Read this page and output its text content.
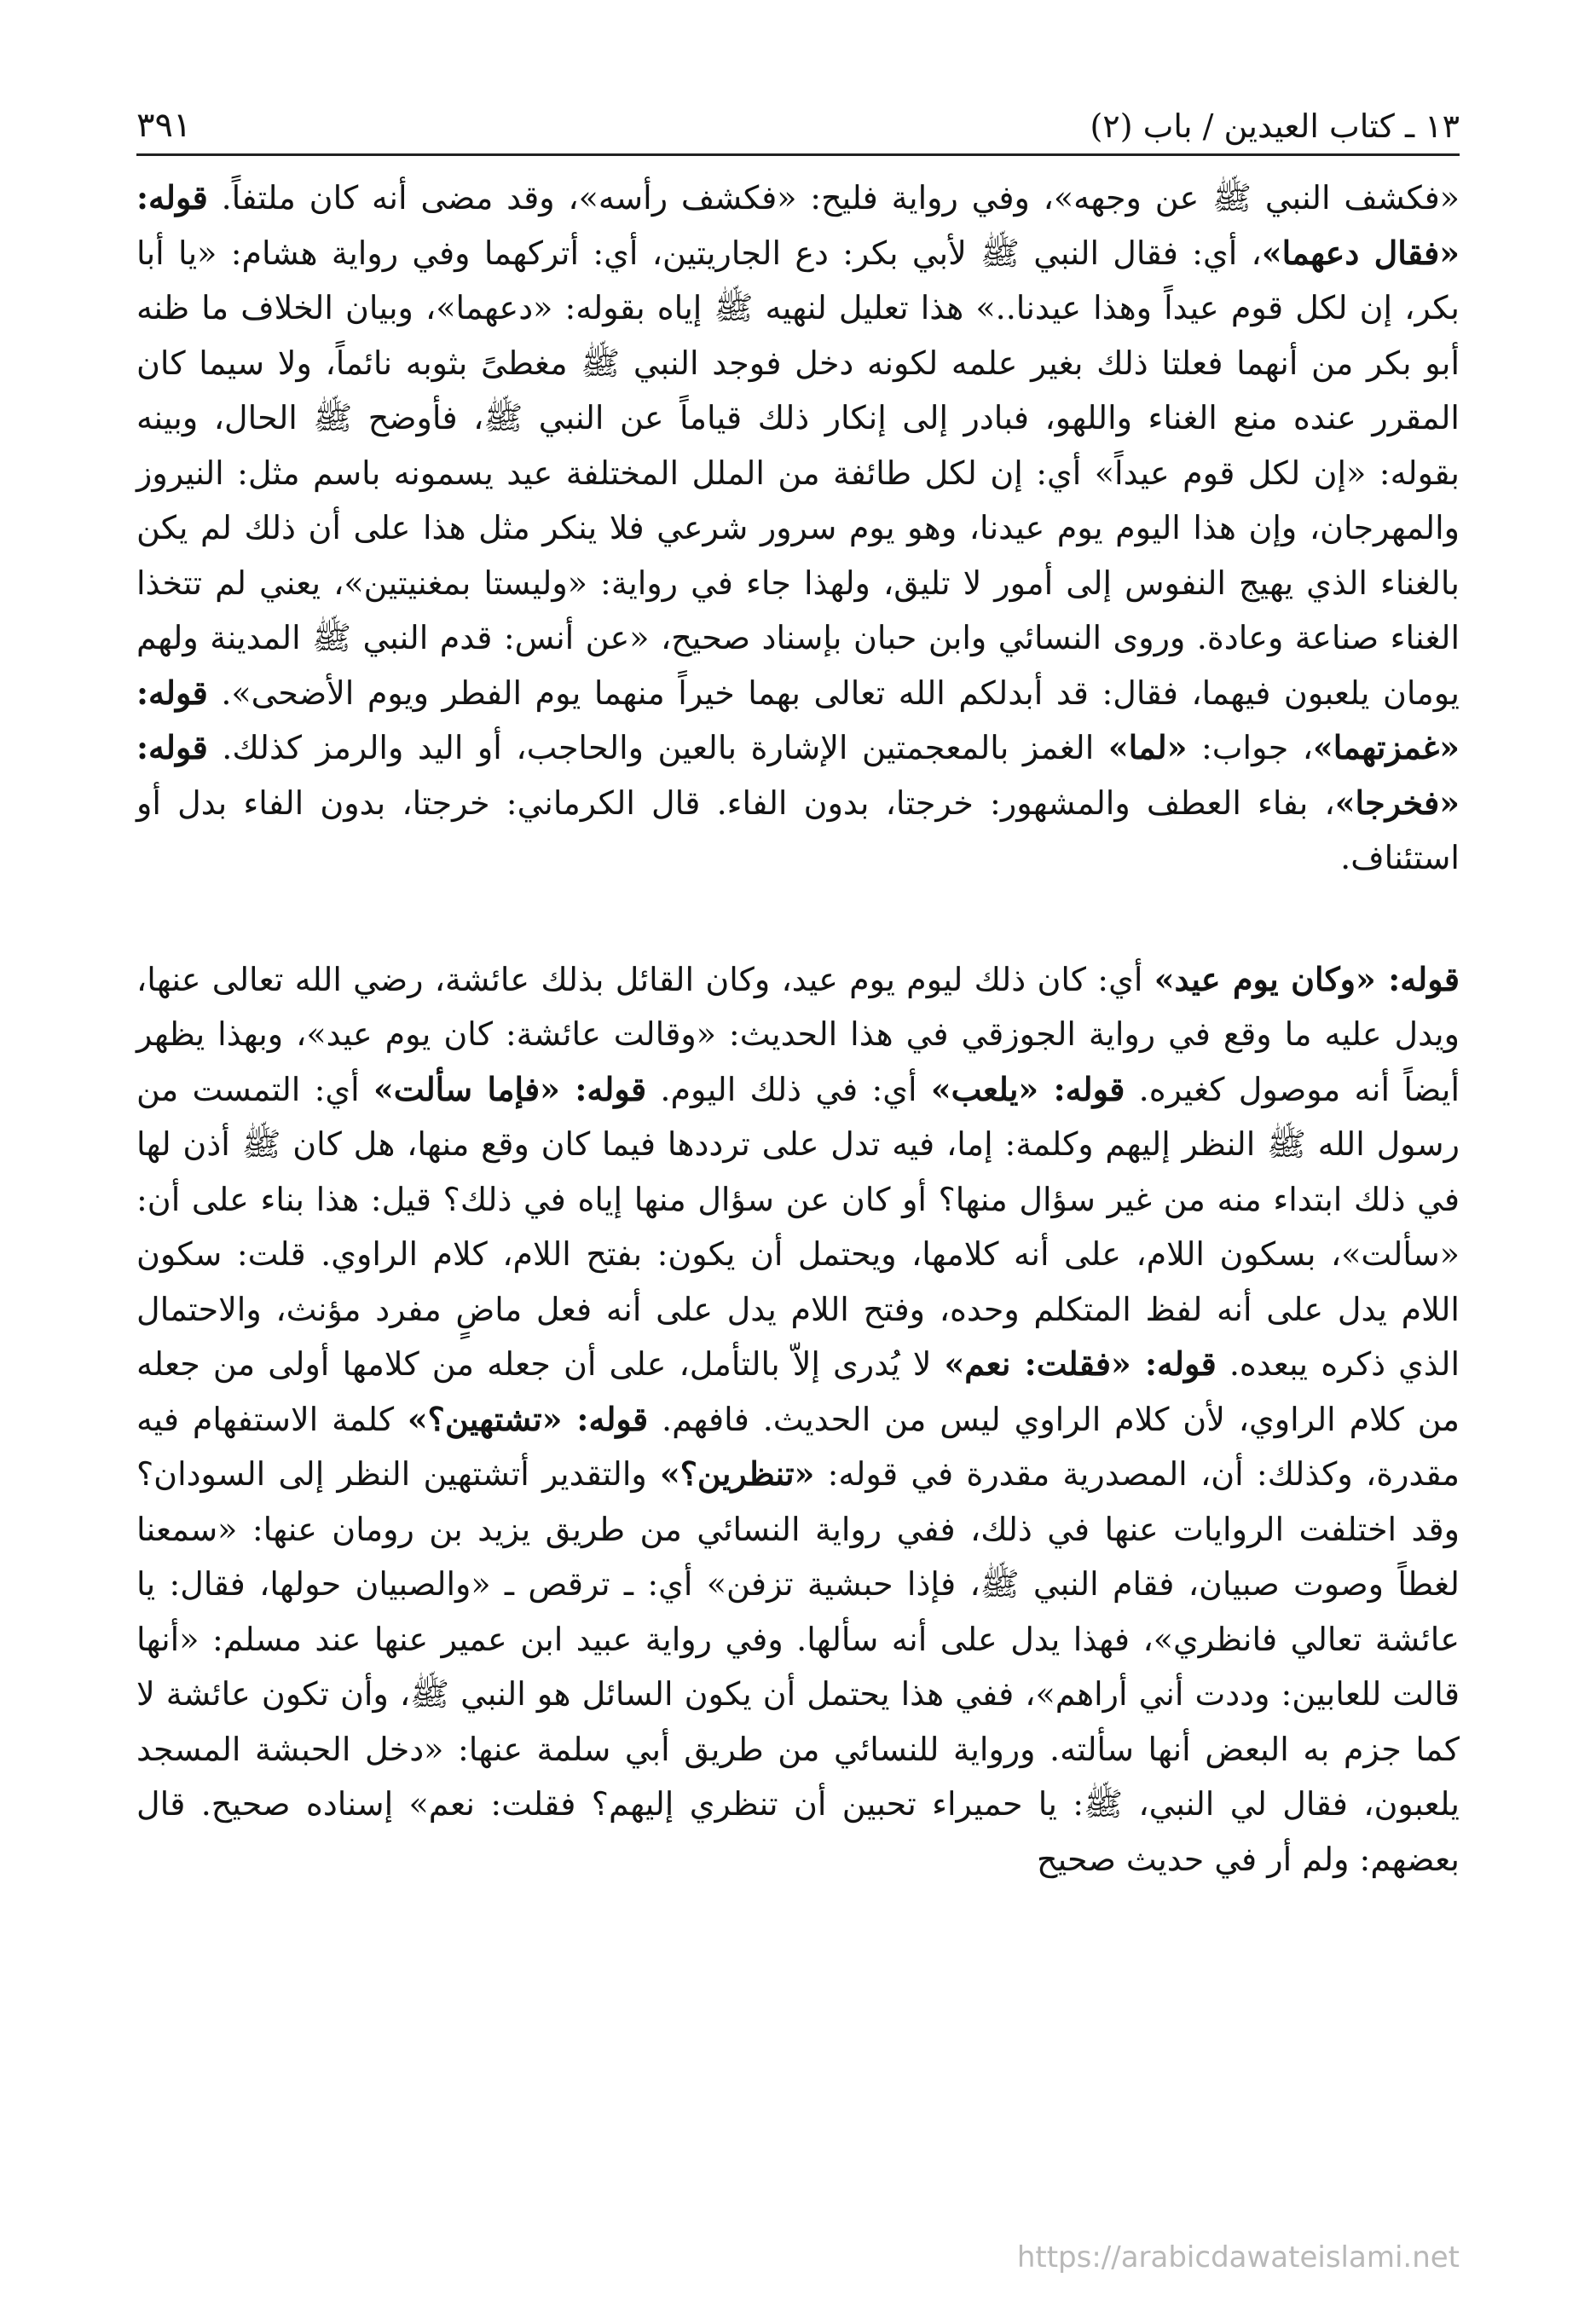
١٣ ـ كتاب العيدين / باب (٢)
٣٩١

«فكشف النبي ﷺ عن وجهه»، وفي رواية فليح: «فكشف رأسه»، وقد مضى أنه كان ملتفاً. قوله: «فقال دعهما»، أي: فقال النبي ﷺ لأبي بكر: دع الجاريتين، أي: أتركهما وفي رواية هشام: «يا أبا بكر، إن لكل قوم عيداً وهذا عيدنا..» هذا تعليل لنهيه ﷺ إياه بقوله: «دعهما»، وبيان الخلاف ما ظنه أبو بكر من أنهما فعلتا ذلك بغير علمه لكونه دخل فوجد النبي ﷺ مغطىً بثوبه نائماً، ولا سيما كان المقرر عنده منع الغناء واللهو، فبادر إلى إنكار ذلك قياماً عن النبي ﷺ، فأوضح ﷺ الحال، وبينه بقوله: «إن لكل قوم عيداً» أي: إن لكل طائفة من الملل المختلفة عيد يسمونه باسم مثل: النيروز والمهرجان، وإن هذا اليوم يوم عيدنا، وهو يوم سرور شرعي فلا ينكر مثل هذا على أن ذلك لم يكن بالغناء الذي يهيج النفوس إلى أمور لا تليق، ولهذا جاء في رواية: «وليستا بمغنيتين»، يعني لم تتخذا الغناء صناعة وعادة. وروى النسائي وابن حبان بإسناد صحيح، «عن أنس: قدم النبي ﷺ المدينة ولهم يومان يلعبون فيهما، فقال: قد أبدلكم الله تعالى بهما خيراً منهما يوم الفطر ويوم الأضحى». قوله: «غمزتهما»، جواب: «لما» الغمز بالمعجمتين الإشارة بالعين والحاجب، أو اليد والرمز كذلك. قوله: «فخرجا»، بفاء العطف والمشهور: خرجتا، بدون الفاء. قال الكرماني: خرجتا، بدون الفاء بدل أو استئناف.

قوله: «وكان يوم عيد» أي: كان ذلك ليوم يوم عيد، وكان القائل بذلك عائشة، رضي الله تعالى عنها، ويدل عليه ما وقع في رواية الجوزقي في هذا الحديث: «وقالت عائشة: كان يوم عيد»، وبهذا يظهر أيضاً أنه موصول كغيره. قوله: «يلعب» أي: في ذلك اليوم. قوله: «فإما سألت» أي: التمست من رسول الله ﷺ النظر إليهم وكلمة: إما، فيه تدل على ترددها فيما كان وقع منها، هل كان ﷺ أذن لها في ذلك ابتداء منه من غير سؤال منها؟ أو كان عن سؤال منها إياه في ذلك؟ قيل: هذا بناء على أن: «سألت»، بسكون اللام، على أنه كلامها، ويحتمل أن يكون: بفتح اللام، كلام الراوي. قلت: سكون اللام يدل على أنه لفظ المتكلم وحده، وفتح اللام يدل على أنه فعل ماضٍ مفرد مؤنث، والاحتمال الذي ذكره يبعده. قوله: «فقلت: نعم» لا يُدرى إلاّ بالتأمل، على أن جعله من كلامها أولى من جعله من كلام الراوي، لأن كلام الراوي ليس من الحديث. فافهم. قوله: «تشتهين؟» كلمة الاستفهام فيه مقدرة، وكذلك: أن، المصدرية مقدرة في قوله: «تنظرين؟» والتقدير أتشتهين النظر إلى السودان؟ وقد اختلفت الروايات عنها في ذلك، ففي رواية النسائي من طريق يزيد بن رومان عنها: «سمعنا لغطاً وصوت صبيان، فقام النبي ﷺ، فإذا حبشية تزفن» أي: ـ ترقص ـ «والصبيان حولها، فقال: يا عائشة تعالي فانظري»، فهذا يدل على أنه سألها. وفي رواية عبيد ابن عمير عنها عند مسلم: «أنها قالت للعابين: وددت أني أراهم»، ففي هذا يحتمل أن يكون السائل هو النبي ﷺ، وأن تكون عائشة لا كما جزم به البعض أنها سألته. ورواية للنسائي من طريق أبي سلمة عنها: «دخل الحبشة المسجد يلعبون، فقال لي النبي، ﷺ: يا حميراء تحبين أن تنظري إليهم؟ فقلت: نعم» إسناده صحيح. قال بعضهم: ولم أر في حديث صحيح

https://arabicdawateislami.net
